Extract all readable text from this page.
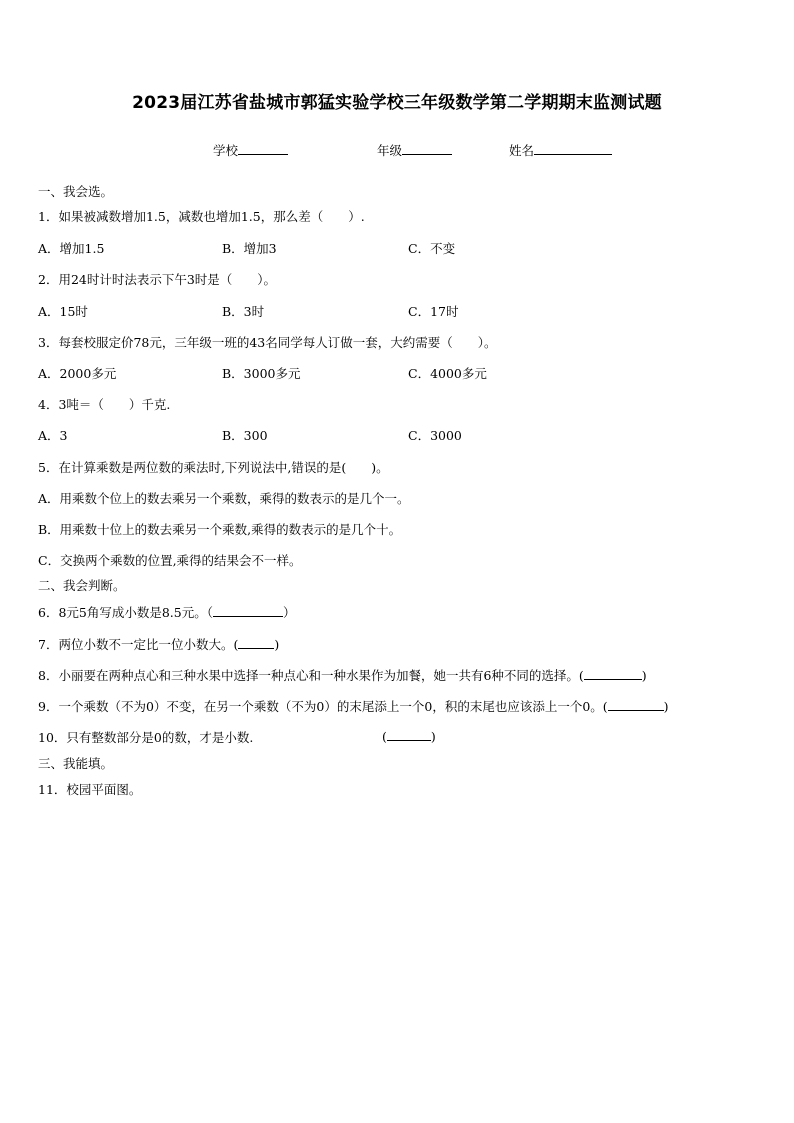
2023届江苏省盐城市郭猛实验学校三年级数学第二学期期末监测试题
学校	年级	姓名
一、我会选。
1．如果被减数增加1.5，减数也增加1.5，那么差（　　）.
A．增加1.5	B．增加3	C．不变
2．用24时计时法表示下午3时是（　　）。
A．15时	B．3时	C．17时
3．每套校服定价78元，三年级一班的43名同学每人订做一套，大约需要（　　）。
A．2000多元	B．3000多元	C．4000多元
4．3吨＝（　　）千克.
A．3	B．300	C．3000
5．在计算乘数是两位数的乘法时,下列说法中,错误的是(　　)。
A．用乘数个位上的数去乘另一个乘数，乘得的数表示的是几个一。
B．用乘数十位上的数去乘另一个乘数,乘得的数表示的是几个十。
C．交换两个乘数的位置,乘得的结果会不一样。
二、我会判断。
6．8元5角写成小数是8.5元。（	）
7．两位小数不一定比一位小数大。(	)
8．小丽要在两种点心和三种水果中选择一种点心和一种水果作为加餐，她一共有6种不同的选择。(	)
9．一个乘数（不为0）不变，在另一个乘数（不为0）的末尾添上一个0，积的末尾也应该添上一个0。(	)
10．只有整数部分是0的数，才是小数.	(	)
三、我能填。
11．校园平面图。
